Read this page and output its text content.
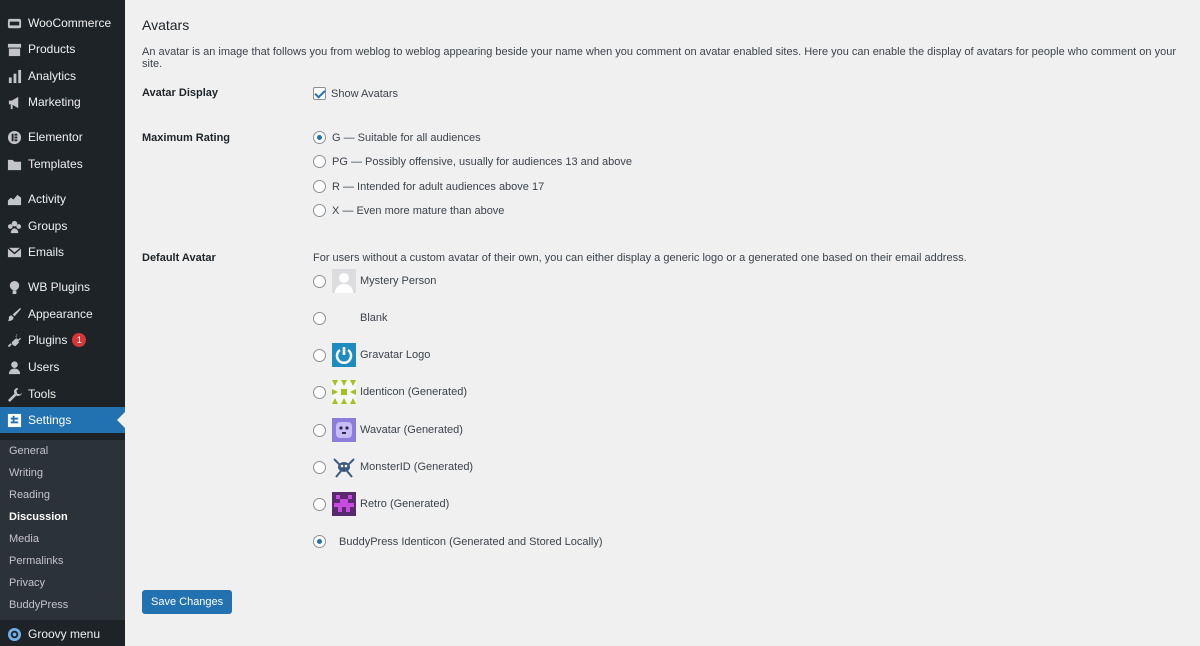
WooCommerce
Products
Analytics
Marketing
Elementor
Templates
Activity
Groups
Emails
WB Plugins
Appearance
Plugins	1
Users
Tools
Settings
General
Writing
Reading
Discussion
Media
Permalinks
Privacy
BuddyPress
Groovy menu
Avatars

An avatar is an image that follows you from weblog to weblog appearing beside your name when you comment on avatar enabled sites. Here you can enable the display of avatars for people who comment on your site.

Avatar Display	Show Avatars
Maximum Rating	G — Suitable for all audiences
PG — Possibly offensive, usually for audiences 13 and above
R — Intended for adult audiences above 17
X — Even more mature than above
Default Avatar	For users without a custom avatar of their own, you can either display a generic logo or a generated one based on their email address.

Mystery Person
Blank
Gravatar Logo
Identicon (Generated)
Wavatar (Generated)
MonsterID (Generated)
Retro (Generated)
BuddyPress Identicon (Generated and Stored Locally)
Save Changes
